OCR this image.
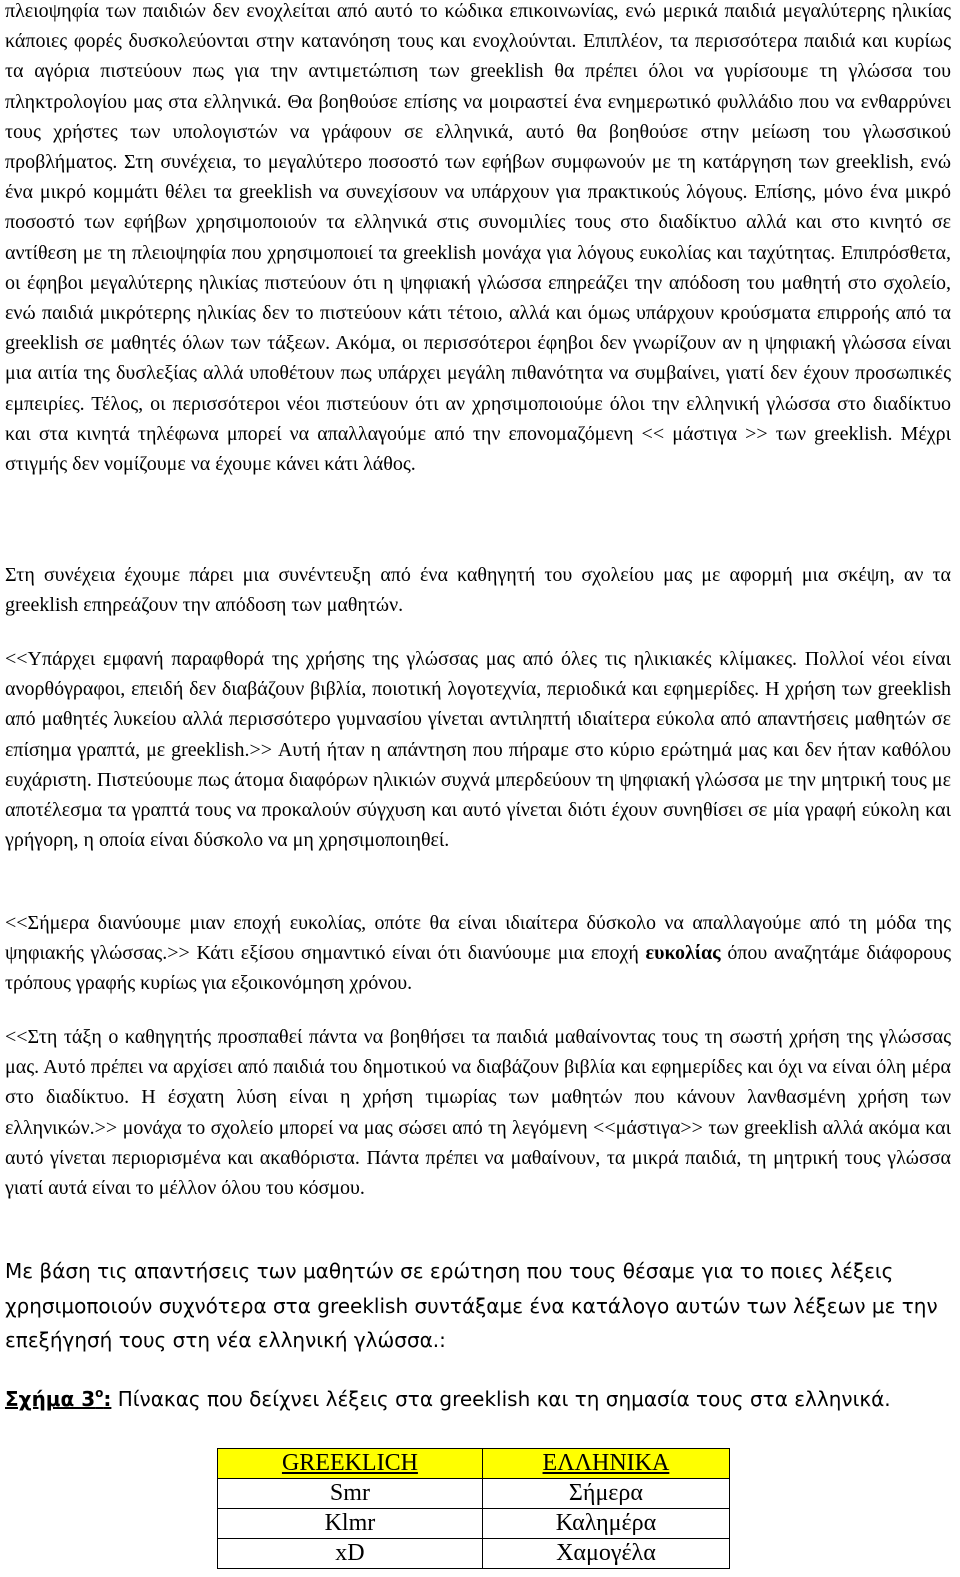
πλειοψηφία των παιδιών δεν ενοχλείται από αυτό το κώδικα επικοινωνίας, ενώ μερικά παιδιά μεγαλύτερης ηλικίας κάποιες φορές δυσκολεύονται στην κατανόηση τους και ενοχλούνται. Επιπλέον, τα περισσότερα παιδιά και κυρίως τα αγόρια πιστεύουν πως για την αντιμετώπιση των greeklish θα πρέπει όλοι να γυρίσουμε τη γλώσσα του πληκτρολογίου μας στα ελληνικά. Θα βοηθούσε επίσης να μοιραστεί ένα ενημερωτικό φυλλάδιο που να ενθαρρύνει τους χρήστες των υπολογιστών να γράφουν σε ελληνικά, αυτό θα βοηθούσε στην μείωση του γλωσσικού προβλήματος. Στη συνέχεια, το μεγαλύτερο ποσοστό των εφήβων συμφωνούν με τη κατάργηση των greeklish, ενώ ένα μικρό κομμάτι θέλει τα greeklish να συνεχίσουν να υπάρχουν για πρακτικούς λόγους. Επίσης, μόνο ένα μικρό ποσοστό των εφήβων χρησιμοποιούν τα ελληνικά στις συνομιλίες τους στο διαδίκτυο αλλά και στο κινητό σε αντίθεση με τη πλειοψηφία που χρησιμοποιεί τα greeklish μονάχα για λόγους ευκολίας και ταχύτητας. Επιπρόσθετα, οι έφηβοι μεγαλύτερης ηλικίας πιστεύουν ότι η ψηφιακή γλώσσα επηρεάζει την απόδοση του μαθητή στο σχολείο, ενώ παιδιά μικρότερης ηλικίας δεν το πιστεύουν κάτι τέτοιο, αλλά και όμως υπάρχουν κρούσματα επιρροής από τα greeklish σε μαθητές όλων των τάξεων. Ακόμα, οι περισσότεροι έφηβοι δεν γνωρίζουν αν η ψηφιακή γλώσσα είναι μια αιτία της δυσλεξίας αλλά υποθέτουν πως υπάρχει μεγάλη πιθανότητα να συμβαίνει, γιατί δεν έχουν προσωπικές εμπειρίες. Τέλος, οι περισσότεροι νέοι πιστεύουν ότι αν χρησιμοποιούμε όλοι την ελληνική γλώσσα στο διαδίκτυο και στα κινητά τηλέφωνα μπορεί να απαλλαγούμε από την επονομαζόμενη << μάστιγα >> των greeklish. Μέχρι στιγμής δεν νομίζουμε να έχουμε κάνει κάτι λάθος.

Στη συνέχεια έχουμε πάρει μια συνέντευξη από ένα καθηγητή του σχολείου μας με αφορμή μια σκέψη, αν τα greeklish επηρεάζουν την απόδοση των μαθητών.

<<Υπάρχει εμφανή παραφθορά της χρήσης της γλώσσας μας από όλες τις ηλικιακές κλίμακες. Πολλοί νέοι είναι ανορθόγραφοι, επειδή δεν διαβάζουν βιβλία, ποιοτική λογοτεχνία, περιοδικά και εφημερίδες. Η χρήση των greeklish από μαθητές λυκείου αλλά περισσότερο γυμνασίου γίνεται αντιληπτή ιδιαίτερα εύκολα από απαντήσεις μαθητών σε επίσημα γραπτά, με greeklish.>> Αυτή ήταν η απάντηση που πήραμε στο κύριο ερώτημά μας και δεν ήταν καθόλου ευχάριστη. Πιστεύουμε πως άτομα διαφόρων ηλικιών συχνά μπερδεύουν τη ψηφιακή γλώσσα με την μητρική τους με αποτέλεσμα τα γραπτά τους να προκαλούν σύγχυση και αυτό γίνεται διότι έχουν συνηθίσει σε μία γραφή εύκολη και γρήγορη, η οποία είναι δύσκολο να μη χρησιμοποιηθεί.

<<Σήμερα διανύουμε μιαν εποχή ευκολίας, οπότε θα είναι ιδιαίτερα δύσκολο να απαλλαγούμε από τη μόδα της ψηφιακής γλώσσας.>> Κάτι εξίσου σημαντικό είναι ότι διανύουμε μια εποχή ευκολίας όπου αναζητάμε διάφορους τρόπους γραφής κυρίως για εξοικονόμηση χρόνου.

<<Στη τάξη ο καθηγητής προσπαθεί πάντα να βοηθήσει τα παιδιά μαθαίνοντας τους τη σωστή χρήση της γλώσσας μας. Αυτό πρέπει να αρχίσει από παιδιά του δημοτικού να διαβάζουν βιβλία και εφημερίδες και όχι να είναι όλη μέρα στο διαδίκτυο. Η έσχατη λύση είναι η χρήση τιμωρίας των μαθητών που κάνουν λανθασμένη χρήση των ελληνικών.>> μονάχα το σχολείο μπορεί να μας σώσει από τη λεγόμενη <<μάστιγα>> των greeklish αλλά ακόμα και αυτό γίνεται περιορισμένα και ακαθόριστα. Πάντα πρέπει να μαθαίνουν, τα μικρά παιδιά, τη μητρική τους γλώσσα γιατί αυτά είναι το μέλλον όλου του κόσμου.

Με βάση τις απαντήσεις των μαθητών σε ερώτηση που τους θέσαμε για το ποιες λέξεις χρησιμοποιούν συχνότερα στα greeklish συντάξαμε ένα κατάλογο αυτών των λέξεων με την επεξήγησή τους στη νέα ελληνική γλώσσα.:

Σχήμα $3^o$: Πίνακας που δείχνει λέξεις στα greeklish και τη σημασία τους στα ελληνικά.

GREEKLICH	ΕΛΛΗΝΙΚΑ
Smr	Σήμερα
Klmr	Καλημέρα
xD	Χαμογέλα
